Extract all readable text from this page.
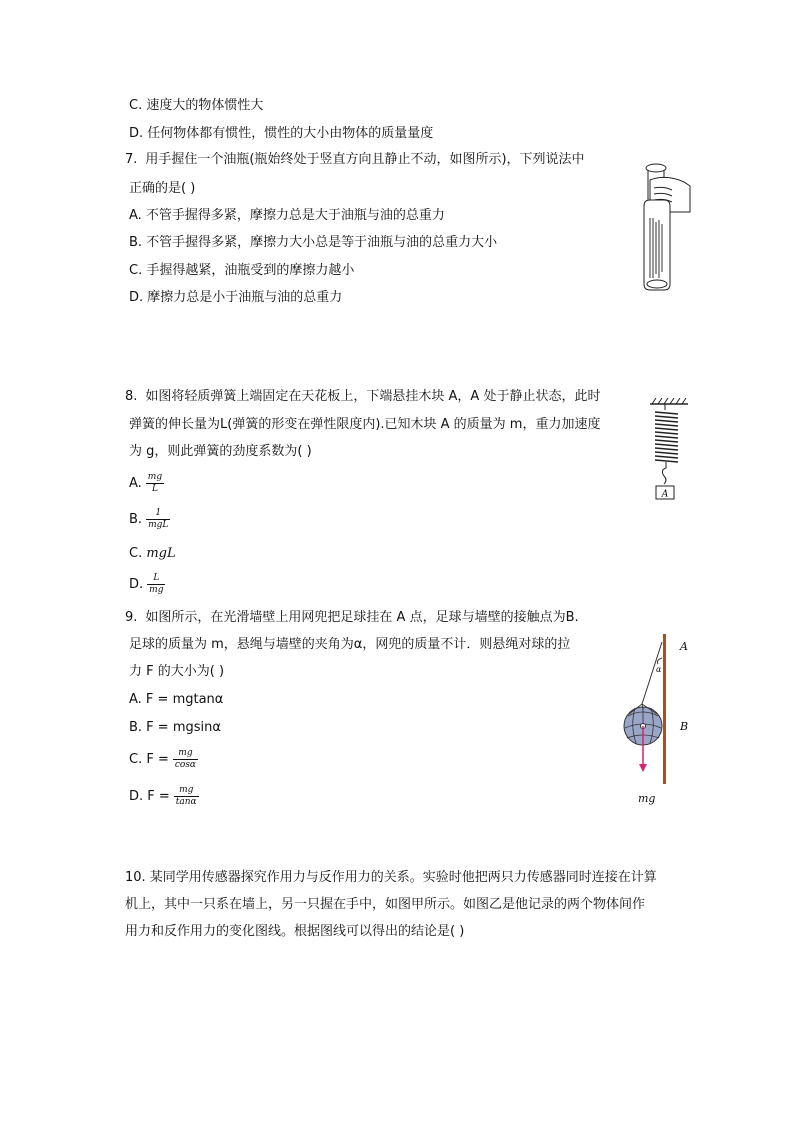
C. 速度大的物体惯性大
D. 任何物体都有惯性，惯性的大小由物体的质量量度
7. 用手握住一个油瓶(瓶始终处于竖直方向且静止不动，如图所示)，下列说法中
正确的是( )
A. 不管手握得多紧，摩擦力总是大于油瓶与油的总重力
B. 不管手握得多紧，摩擦力大小总是等于油瓶与油的总重力大小
C. 手握得越紧，油瓶受到的摩擦力越小
D. 摩擦力总是小于油瓶与油的总重力
8. 如图将轻质弹簧上端固定在天花板上，下端悬挂木块 A，A 处于静止状态，此时
弹簧的伸长量为L(弹簧的形变在弹性限度内).已知木块 A 的质量为 m，重力加速度
为 g，则此弹簧的劲度系数为( )
A. $\frac{mg}{L}$
B. $\frac{1}{\text{mgL}}$
C. mgL
D. $\frac{L}{mg}$
A
9. 如图所示，在光滑墙壁上用网兜把足球挂在 A 点，足球与墙壁的接触点为B.
足球的质量为 m，悬绳与墙壁的夹角为α，网兜的质量不计．则悬绳对球的拉
力 F 的大小为( )
A. F = mgtanα
B. F = mgsinα
C. $F = \frac{mg}{\cos\alpha}$
D. $F = \frac{mg}{\tan\alpha}$
A
α
B
mg
10. 某同学用传感器探究作用力与反作用力的关系。实验时他把两只力传感器同时连接在计算
机上，其中一只系在墙上，另一只握在手中，如图甲所示。如图乙是他记录的两个物体间作
用力和反作用力的变化图线。根据图线可以得出的结论是( )
